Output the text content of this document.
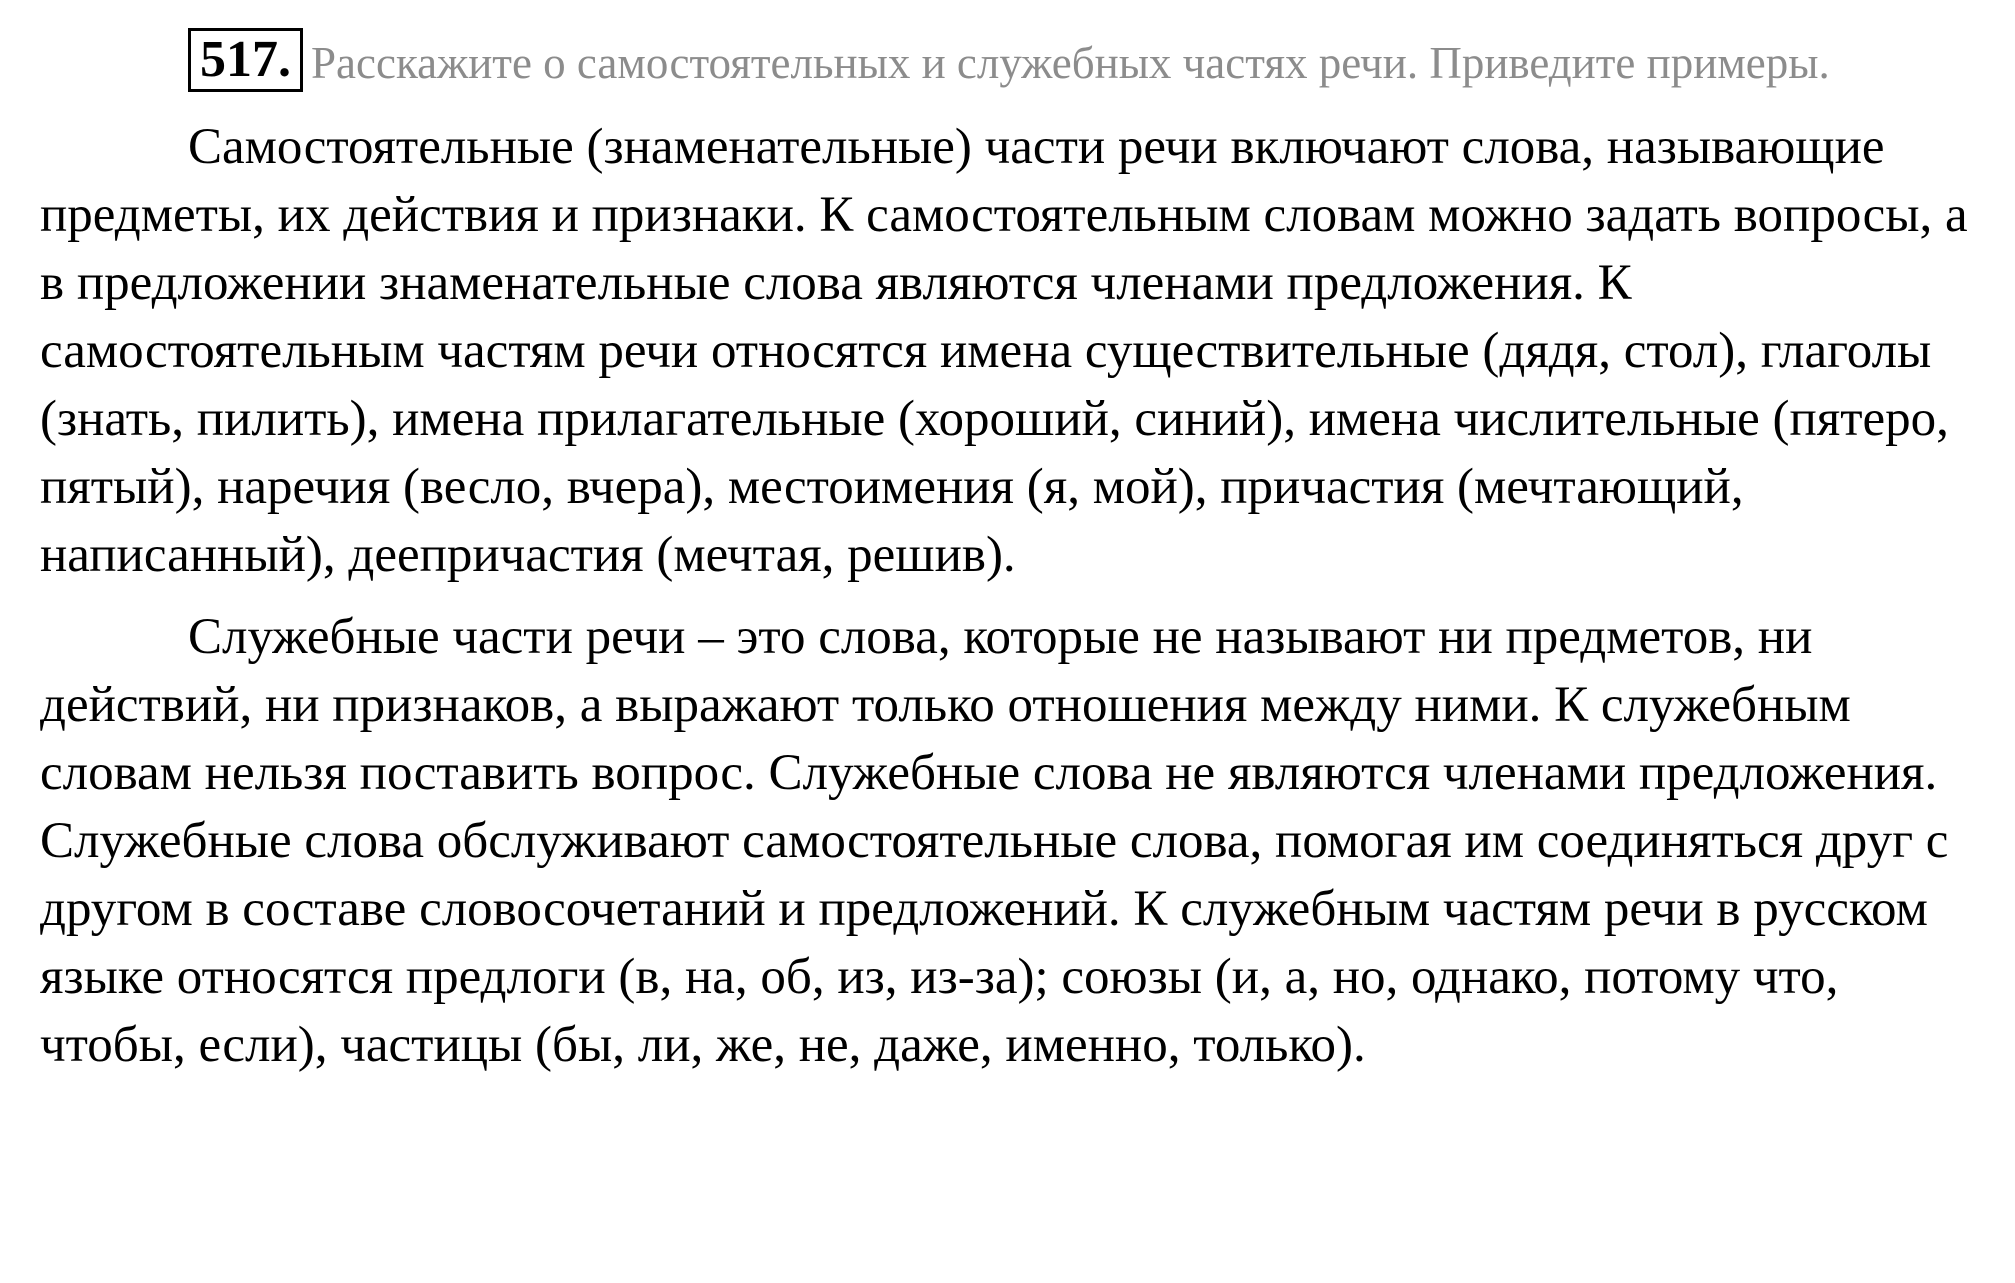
517. Расскажите о самостоятельных и служебных частях речи. Приведите примеры.

Самостоятельные (знаменательные) части речи включают слова, называющие предметы, их действия и признаки. К самостоятельным словам можно задать вопросы, а в предложении знаменательные слова являются членами предложения. К самостоятельным частям речи относятся имена существительные (дядя, стол), глаголы (знать, пилить), имена прилагательные (хороший, синий), имена числительные (пятеро, пятый), наречия (весло, вчера), местоимения (я, мой), причастия (мечтающий, написанный), деепричастия (мечтая, решив).

Служебные части речи – это слова, которые не называют ни предметов, ни действий, ни признаков, а выражают только отношения между ними. К служебным словам нельзя поставить вопрос. Служебные слова не являются членами предложения. Служебные слова обслуживают самостоятельные слова, помогая им соединяться друг с другом в составе словосочетаний и предложений. К служебным частям речи в русском языке относятся предлоги (в, на, об, из, из-за); союзы (и, а, но, однако, потому что, чтобы, если), частицы (бы, ли, же, не, даже, именно, только).
